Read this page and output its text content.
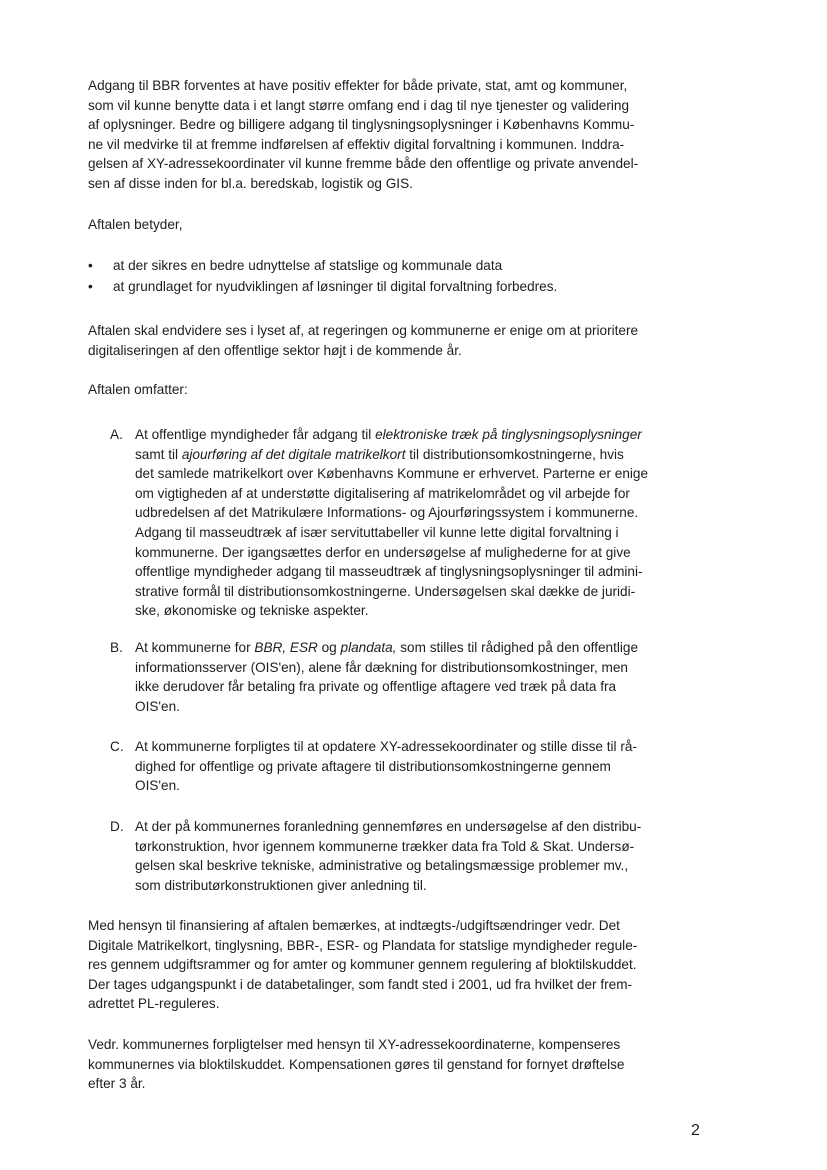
Adgang til BBR forventes at have positiv effekter for både private, stat, amt og kommuner,
som vil kunne benytte data i et langt større omfang end i dag til nye tjenester og validering
af oplysninger. Bedre og billigere adgang til tinglysningsoplysninger i Københavns Kommu-
ne vil medvirke til at fremme indførelsen af effektiv digital forvaltning i kommunen. Inddra-
gelsen af XY-adressekoordinater vil kunne fremme både den offentlige og private anvendel-
sen af disse inden for bl.a. beredskab, logistik og GIS.
Aftalen betyder,
• at der sikres en bedre udnyttelse af statslige og kommunale data
• at grundlaget for nyudviklingen af løsninger til digital forvaltning forbedres.
Aftalen skal endvidere ses i lyset af, at regeringen og kommunerne er enige om at prioritere
digitaliseringen af den offentlige sektor højt i de kommende år.
Aftalen omfatter:
A. At offentlige myndigheder får adgang til elektroniske træk på tinglysningsoplysninger
samt til ajourføring af det digitale matrikelkort til distributionsomkostningerne, hvis
det samlede matrikelkort over Københavns Kommune er erhvervet. Parterne er enige
om vigtigheden af at understøtte digitalisering af matrikelområdet og vil arbejde for
udbredelsen af det Matrikulære Informations- og Ajourføringssystem i kommunerne.
Adgang til masseudtræk af især servituttabeller vil kunne lette digital forvaltning i
kommunerne. Der igangsættes derfor en undersøgelse af mulighederne for at give
offentlige myndigheder adgang til masseudtræk af tinglysningsoplysninger til admini-
strative formål til distributionsomkostningerne. Undersøgelsen skal dække de juridi-
ske, økonomiske og tekniske aspekter.
B. At kommunerne for BBR, ESR og plandata, som stilles til rådighed på den offentlige
informationsserver (OIS'en), alene får dækning for distributionsomkostninger, men
ikke derudover får betaling fra private og offentlige aftagere ved træk på data fra
OIS'en.
C. At kommunerne forpligtes til at opdatere XY-adressekoordinater og stille disse til rå-
dighed for offentlige og private aftagere til distributionsomkostningerne gennem
OIS'en.
D. At der på kommunernes foranledning gennemføres en undersøgelse af den distribu-
tørkonstruktion, hvor igennem kommunerne trækker data fra Told & Skat. Undersø-
gelsen skal beskrive tekniske, administrative og betalingsmæssige problemer mv.,
som distributørkonstruktionen giver anledning til.
Med hensyn til finansiering af aftalen bemærkes, at indtægts-/udgiftsændringer vedr. Det
Digitale Matrikelkort, tinglysning, BBR-, ESR- og Plandata for statslige myndigheder regule-
res gennem udgiftsrammer og for amter og kommuner gennem regulering af bloktilskuddet.
Der tages udgangspunkt i de databetalinger, som fandt sted i 2001, ud fra hvilket der frem-
adrettet PL-reguleres.
Vedr. kommunernes forpligtelser med hensyn til XY-adressekoordinaterne, kompenseres
kommunernes via bloktilskuddet. Kompensationen gøres til genstand for fornyet drøftelse
efter 3 år.
2
